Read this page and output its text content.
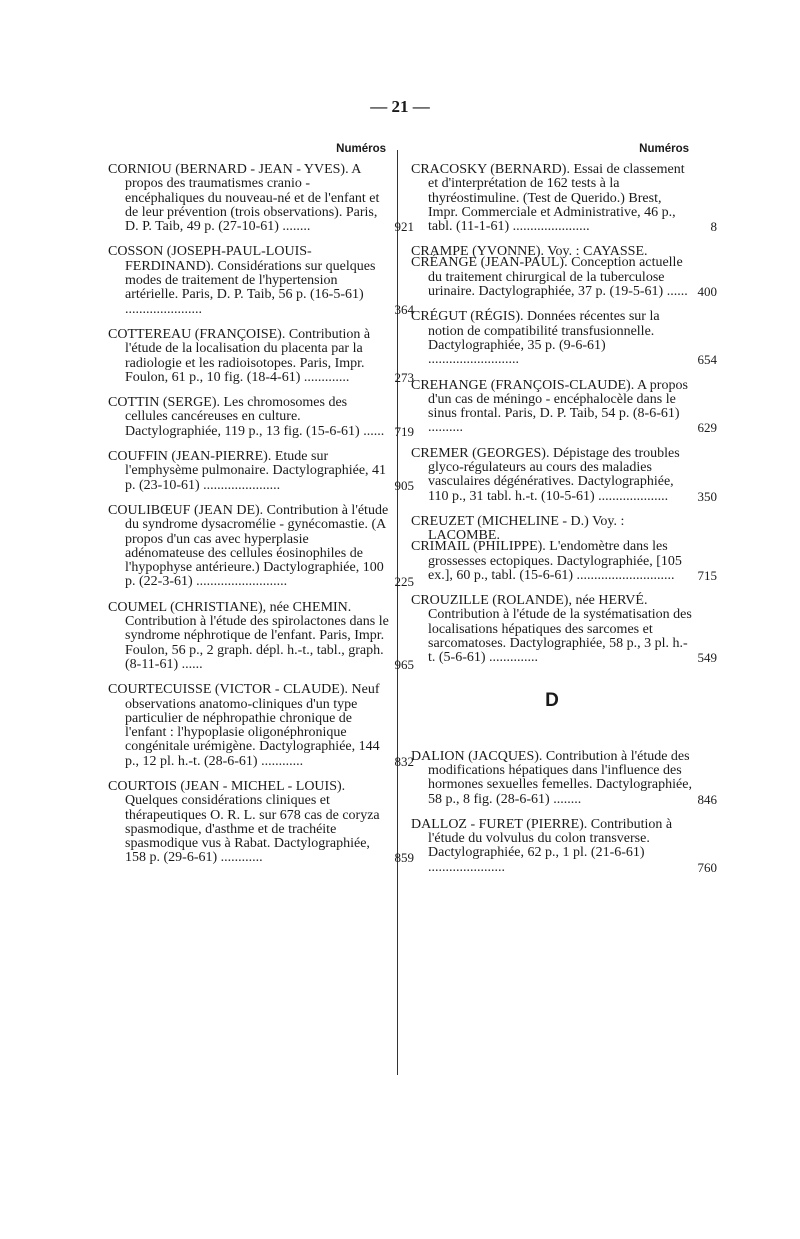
— 21 —
Numéros
CORNIOU (BERNARD - JEAN - YVES). A propos des traumatismes cranio - encéphaliques du nouveau-né et de l'enfant et de leur prévention (trois observations). Paris, D. P. Taib, 49 p. (27-10-61) ........	921
COSSON (JOSEPH-PAUL-LOUIS-FERDINAND). Considérations sur quelques modes de traitement de l'hypertension artérielle. Paris, D. P. Taib, 56 p. (16-5-61) ......................	364
COTTEREAU (FRANÇOISE). Contribution à l'étude de la localisation du placenta par la radiologie et les radioisotopes. Paris, Impr. Foulon, 61 p., 10 fig. (18-4-61) .............	273
COTTIN (SERGE). Les chromosomes des cellules cancéreuses en culture. Dactylographiée, 119 p., 13 fig. (15-6-61) ...... 719
COUFFIN (JEAN-PIERRE). Etude sur l'emphysème pulmonaire. Dactylographiée, 41 p. (23-10-61) ......................	905
COULIBŒUF (JEAN DE). Contribution à l'étude du syndrome dysacromélie - gynécomastie. (A propos d'un cas avec hyperplasie adénomateuse des cellules éosinophiles de l'hypophyse antérieure.) Dactylographiée, 100 p. (22-3-61) ..........................	225
COUMEL (CHRISTIANE), née CHEMIN. Contribution à l'étude des spirolactones dans le syndrome néphrotique de l'enfant. Paris, Impr. Foulon, 56 p., 2 graph. dépl. h.-t., tabl., graph. (8-11-61) ......	965
COURTECUISSE (VICTOR - CLAUDE). Neuf observations anatomo-cliniques d'un type particulier de néphropathie chronique de l'enfant : l'hypoplasie oligonéphronique congénitale urémigène. Dactylographiée, 144 p., 12 pl. h.-t. (28-6-61) ............	832
COURTOIS (JEAN - MICHEL - LOUIS). Quelques considérations cliniques et thérapeutiques O. R. L. sur 678 cas de coryza spasmodique, d'asthme et de trachéite spasmodique vus à Rabat. Dactylographiée, 158 p. (29-6-61) ............	859
Numéros
CRACOSKY (BERNARD). Essai de classement et d'interprétation de 162 tests à la thyréostimuline. (Test de Querido.) Brest, Impr. Commerciale et Administrative, 46 p., tabl. (11-1-61) ......................	8
CRAMPE (YVONNE). Voy. : CAYASSE.
CRÉANGE (JEAN-PAUL). Conception actuelle du traitement chirurgical de la tuberculose urinaire. Dactylographiée, 37 p. (19-5-61) ...... 400
CRÉGUT (RÉGIS). Données récentes sur la notion de compatibilité transfusionnelle. Dactylographiée, 35 p. (9-6-61) ..........................	654
CREHANGE (FRANÇOIS-CLAUDE). A propos d'un cas de méningo - encéphalocèle dans le sinus frontal. Paris, D. P. Taib, 54 p. (8-6-61) ..........	629
CREMER (GEORGES). Dépistage des troubles glyco-régulateurs au cours des maladies vasculaires dégénératives. Dactylographiée, 110 p., 31 tabl. h.-t. (10-5-61) ....................	350
CREUZET (MICHELINE - D.) Voy. : LACOMBE.
CRIMAIL (PHILIPPE). L'endomètre dans les grossesses ectopiques. Dactylographiée, [105 ex.], 60 p., tabl. (15-6-61) ............................	715
CROUZILLE (ROLANDE), née HERVÉ. Contribution à l'étude de la systématisation des localisations hépatiques des sarcomes et sarcomatoses. Dactylographiée, 58 p., 3 pl. h.-t. (5-6-61) ..............	549
D
DALION (JACQUES). Contribution à l'étude des modifications hépatiques dans l'influence des hormones sexuelles femelles. Dactylographiée, 58 p., 8 fig. (28-6-61) ........	846
DALLOZ - FURET (PIERRE). Contribution à l'étude du volvulus du colon transverse. Dactylographiée, 62 p., 1 pl. (21-6-61) ......................	760
